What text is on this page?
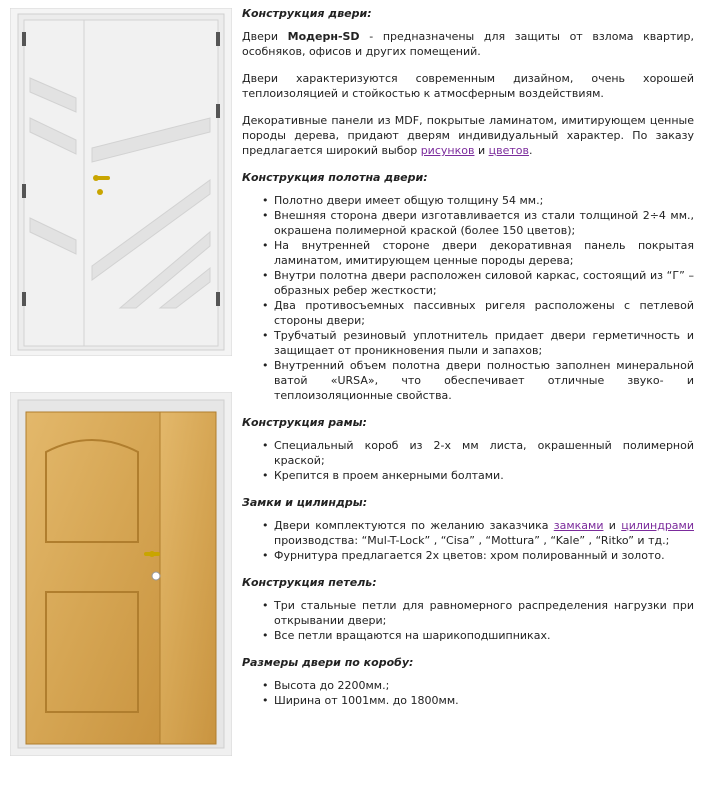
Конструкция двери:

Двери Модерн-SD - предназначены для защиты от взлома квартир, особняков, офисов и других помещений.

Двери характеризуются современным дизайном, очень хорошей теплоизоляцией и стойкостью к атмосферным воздействиям.

Декоративные панели из MDF, покрытые ламинатом, имитирующем ценные породы дерева, придают дверям индивидуальный характер. По заказу предлагается широкий выбор рисунков и цветов.

Конструкция полотна двери:
• Полотно двери имеет общую толщину 54 мм.;
• Внешняя сторона двери изготавливается из стали толщиной 2÷4 мм., окрашена полимерной краской (более 150 цветов);
• На внутренней стороне двери декоративная панель покрытая ламинатом, имитирующем ценные породы дерева;
• Внутри полотна двери расположен силовой каркас, состоящий из “Г” – образных ребер жесткости;
• Два противосъемных пассивных ригеля расположены с петлевой стороны двери;
• Трубчатый резиновый уплотнитель придает двери герметичность и защищает от проникновения пыли и запахов;
• Внутренний объем полотна двери полностью заполнен минеральной ватой «URSA», что обеспечивает отличные звуко- и теплоизоляционные свойства.
Конструкция рамы:
• Специальный короб из 2-х мм листа, окрашенный полимерной краской;
• Крепится в проем анкерными болтами.
Замки и цилиндры:
• Двери комплектуются по желанию заказчика замками и цилиндрами производства: “Mul-T-Lock” , “Cisa” , “Mottura” , “Kale” , “Ritko” и тд.;
• Фурнитура предлагается 2х цветов: хром полированный и золото.
Конструкция петель:
• Три стальные петли для равномерного распределения нагрузки при открывании двери;
• Все петли вращаются на шарикоподшипниках.
Размеры двери по коробу:
• Высота до 2200мм.;
• Ширина от 1001мм. до 1800мм.
